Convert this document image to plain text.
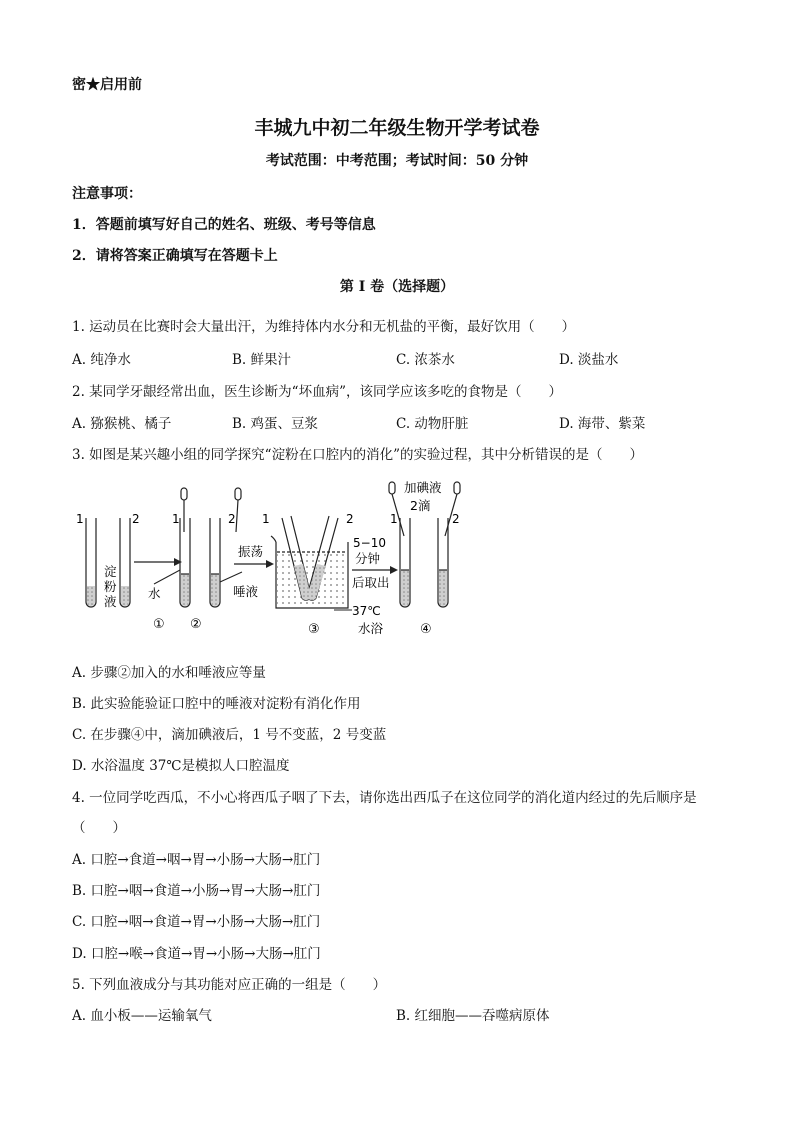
密★启用前
丰城九中初二年级生物开学考试卷
考试范围：中考范围；考试时间：50 分钟
注意事项：
1．答题前填写好自己的姓名、班级、考号等信息
2．请将答案正确填写在答题卡上
第 I 卷（选择题）
1. 运动员在比赛时会大量出汗，为维持体内水分和无机盐的平衡，最好饮用（　　）
A. 纯净水	B. 鲜果汁	C. 浓茶水	D. 淡盐水
2. 某同学牙龈经常出血，医生诊断为“坏血病”，该同学应该多吃的食物是（　　）
A. 猕猴桃、橘子	B. 鸡蛋、豆浆	C. 动物肝脏	D. 海带、紫菜
3. 如图是某兴趣小组的同学探究“淀粉在口腔内的消化”的实验过程，其中分析错误的是（　　）
1	2
淀粉液
①
1	2
水	唾液
②
振荡
1	2
37℃
水浴
③
5−10
分钟
后取出
加碘液
2滴
1	2
④
A. 步骤②加入的水和唾液应等量
B. 此实验能验证口腔中的唾液对淀粉有消化作用
C. 在步骤④中，滴加碘液后，1 号不变蓝，2 号变蓝
D. 水浴温度 37℃是模拟人口腔温度
4. 一位同学吃西瓜，不小心将西瓜子咽了下去，请你选出西瓜子在这位同学的消化道内经过的先后顺序是
（　　）
A. 口腔→食道→咽→胃→小肠→大肠→肛门
B. 口腔→咽→食道→小肠→胃→大肠→肛门
C. 口腔→咽→食道→胃→小肠→大肠→肛门
D. 口腔→喉→食道→胃→小肠→大肠→肛门
5. 下列血液成分与其功能对应正确的一组是（　　）
A. 血小板——运输氧气	B. 红细胞——吞噬病原体
